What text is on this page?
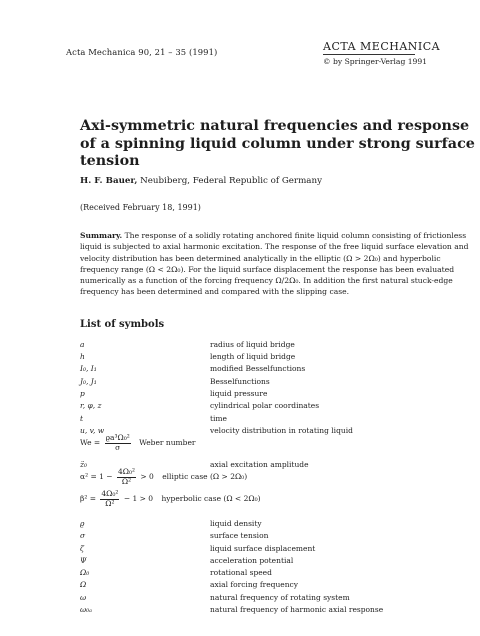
Acta Mechanica 90, 21 – 35 (1991)	ACTA MECHANICA
© by Springer-Verlag 1991
Axi-symmetric natural frequencies and response
of a spinning liquid column under strong surface
tension
H. F. Bauer, Neubiberg, Federal Republic of Germany
(Received February 18, 1991)
Summary. The response of a solidly rotating anchored finite liquid column consisting of frictionless
liquid is subjected to axial harmonic excitation. The response of the free liquid surface elevation and
velocity distribution has been determined analytically in the elliptic (Ω > 2Ω₀) and hyperbolic
frequency range (Ω < 2Ω₀). For the liquid surface displacement the response has been evaluated
numerically as a function of the forcing frequency Ω/2Ω₀. In addition the first natural stuck-edge
frequency has been determined and compared with the slipping case.
List of symbols
a	radius of liquid bridge
h	length of liquid bridge
I₀, I₁	modified Besselfunctions
J₀, J₁	Besselfunctions
p	liquid pressure
r, φ, z	cylindrical polar coordinates
t	time
u, v, w	velocity distribution in rotating liquid
$We = \frac{\text{ϱa³Ω₀²}}{\sigma}$ Weber number
z̈₀	axial excitation amplitude
$\alpha^2 = 1 - \frac{\text{4Ω₀²}}{\text{Ω²}} > 0$ elliptic case (Ω > 2Ω₀)
$\beta^2 = \frac{\text{4Ω₀²}}{\text{Ω²}} - 1 > 0$ hyperbolic case (Ω < 2Ω₀)
ϱ	liquid density
σ	surface tension
ζ	liquid surface displacement
Ψ	acceleration potential
Ω₀	rotational speed
Ω	axial forcing frequency
ω	natural frequency of rotating system
ω₀ₐ	natural frequency of harmonic axial response
